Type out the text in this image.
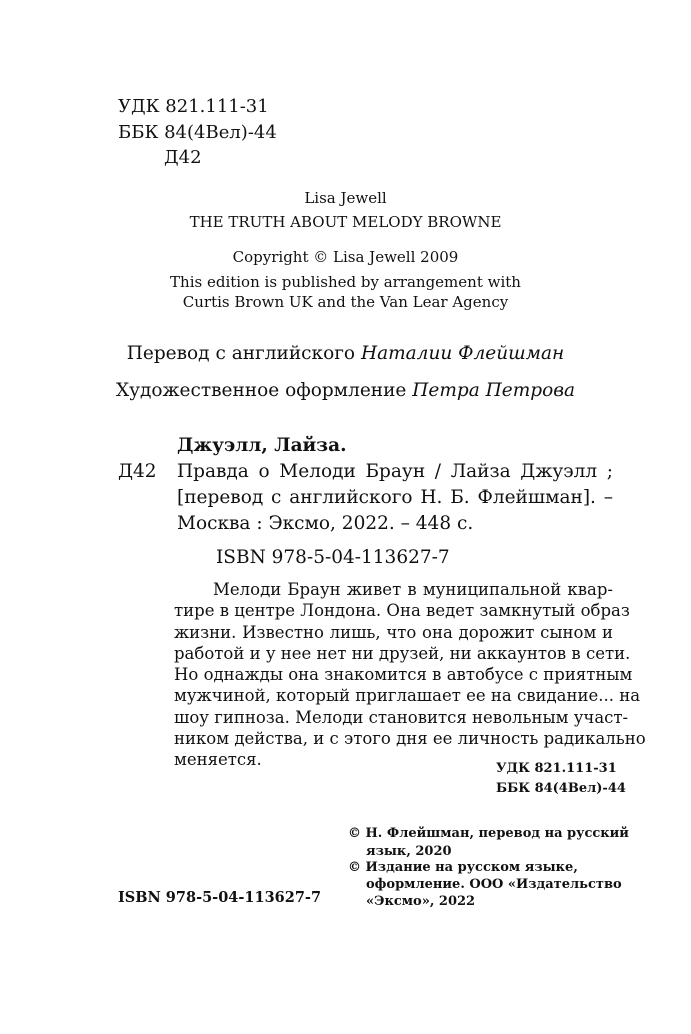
УДК 821.111-31
ББК 84(4Вел)-44
Д42
Lisa Jewell
THE TRUTH ABOUT MELODY BROWNE
Copyright © Lisa Jewell 2009
This edition is published by arrangement with
Curtis Brown UK and the Van Lear Agency
Перевод с английского Наталии Флейшман
Художественное оформление Петра Петрова
Джуэлл, Лайза.
Д42 Правда о Мелоди Браун / Лайза Джуэлл ;
[перевод с английского Н. Б. Флейшман]. –
Москва : Эксмо, 2022. – 448 с.
ISBN 978-5-04-113627-7

Мелоди Браун живет в муниципальной квар-

тире в центре Лондона. Она ведет замкнутый образ

жизни. Известно лишь, что она дорожит сыном и

работой и у нее нет ни друзей, ни аккаунтов в сети.

Но однажды она знакомится в автобусе с приятным

мужчиной, который приглашает ее на свидание... на

шоу гипноза. Мелоди становится невольным участ-

ником действа, и с этого дня ее личность радикально

меняется.	УДК 821.111-31
ББК 84(4Вел)-44
© Н. Флейшман, перевод на русский
язык, 2020
© Издание на русском языке,
оформление. ООО «Издательство
«Эксмо», 2022
ISBN 978-5-04-113627-7
